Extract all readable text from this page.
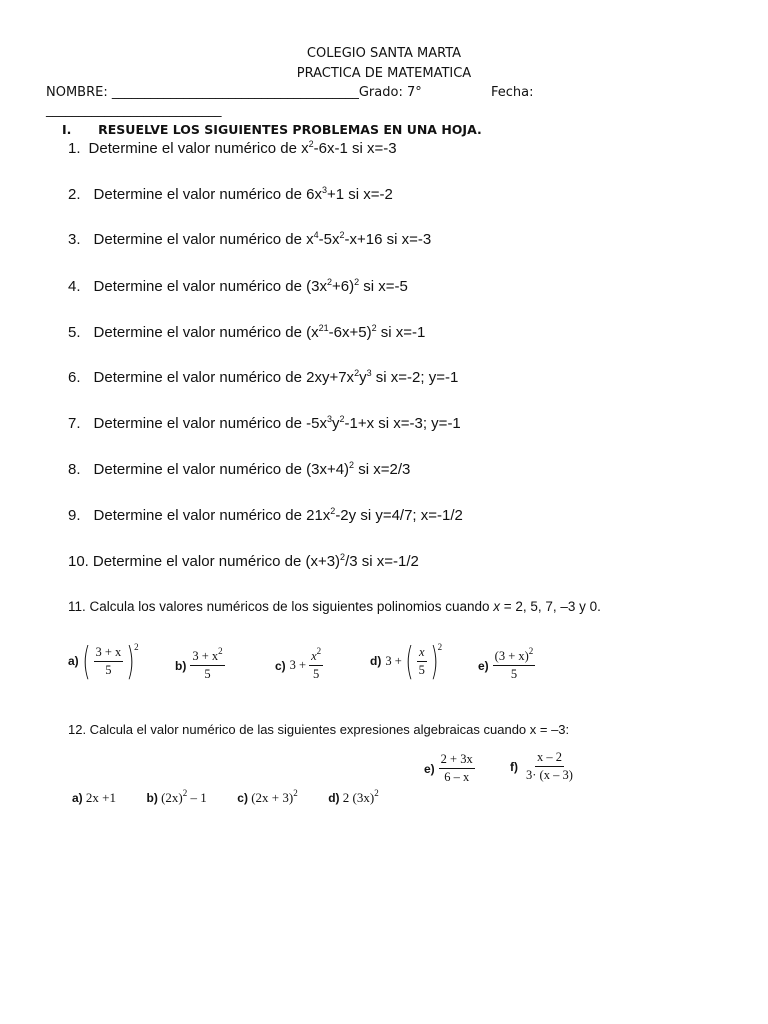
COLEGIO SANTA MARTA
PRACTICA DE MATEMATICA
NOMBRE: ______________________________________Grado: 7°	Fecha:
___________________________
I. RESUELVE LOS SIGUIENTES PROBLEMAS EN UNA HOJA.
1. Determine el valor numérico de $x^2-6x-1$ si x=-3
2. Determine el valor numérico de $6x^3+1$ si x=-2
3. Determine el valor numérico de $x^4-5x^2-x+16$ si x=-3
4. Determine el valor numérico de $(3x^2+6)^2$ si x=-5
5. Determine el valor numérico de $(x^{21}-6x+5)^2$ si x=-1
6. Determine el valor numérico de $2xy+7x^2y^3$ si x=-2; y=-1
7. Determine el valor numérico de $-5x^3y^2-1+x$ si x=-3; y=-1
8. Determine el valor numérico de $(3x+4)^2$ si x=2/3
9. Determine el valor numérico de $21x^2-2y$ si y=4/7; x=-1/2
10. Determine el valor numérico de $(x+3)^2/3$ si x=-1/2
11. Calcula los valores numéricos de los siguientes polinomios cuando x = 2, 5, 7, –3 y 0.
a) ( $\frac{3 + x}{5}$ ) 2
$b) \frac{3 + x^2}{5}$	c) $3 + \frac{x^2}{5}$	d) 3 + ( $\frac{x}{5}$ ) 2
$e) \frac{(3 + x)^2}{5}$
12. Calcula el valor numérico de las siguientes expresiones algebraicas cuando x = –3:
$e) \frac{2 + 3x}{6 - x}$	$f) \frac{x - 2}{3\cdot (x - 3)}$
a) 2x +1	b) $(2x)^2 - 1$	c) $(2x + 3)^2$	d) 2 $(3x)^2$
